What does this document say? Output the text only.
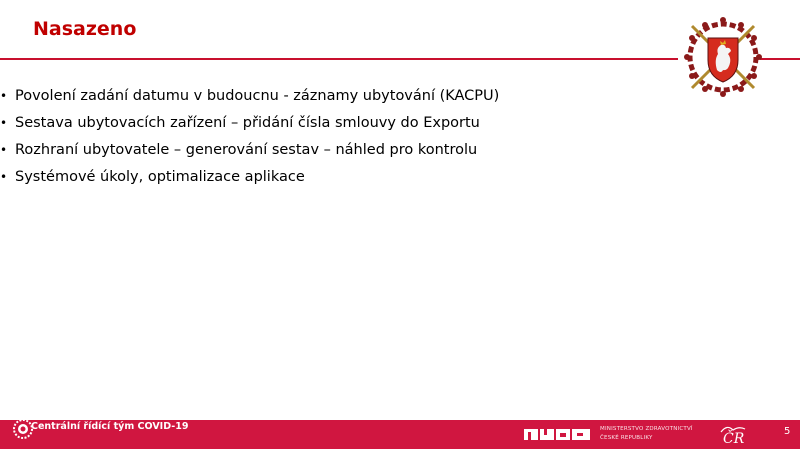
Nasazeno
• Povolení zadání datumu v budoucnu - záznamy ubytování (KACPU)
• Sestava ubytovacích zařízení – přidání čísla smlouvy do Exportu
• Rozhraní ubytovatele – generování sestav – náhled pro kontrolu
• Systémové úkoly, optimalizace aplikace
Centrální řídící tým COVID-19	MINISTERSTVO ZDRAVOTNICTVÍ
ČESKÉ REPUBLIKY	ČR	5
